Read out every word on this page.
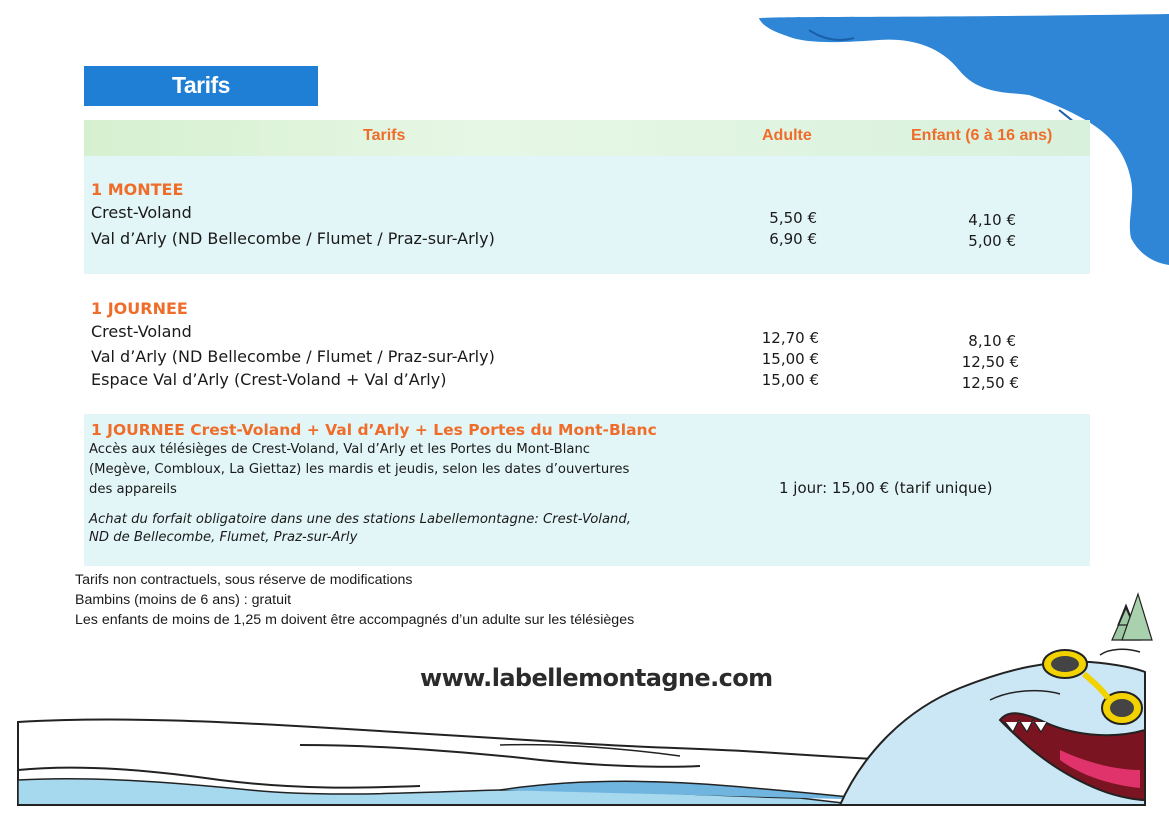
Tarifs
Tarifs	Adulte	Enfant (6 à 16 ans)
1 MONTEE
Crest-Voland
Val d’Arly (ND Bellecombe / Flumet / Praz-sur-Arly)
5,50 €
6,90 €
4,10 €
5,00 €
1 JOURNEE
Crest-Voland
Val d’Arly (ND Bellecombe / Flumet / Praz-sur-Arly)
Espace Val d’Arly (Crest-Voland + Val d’Arly)
12,70 €
15,00 €
15,00 €
8,10 €
12,50 €
12,50 €
1 JOURNEE Crest-Voland + Val d’Arly + Les Portes du Mont-Blanc
Accès aux télésièges de Crest-Voland, Val d’Arly et les Portes du Mont-Blanc
(Megève, Combloux, La Giettaz) les mardis et jeudis, selon les dates d’ouvertures
des appareils
Achat du forfait obligatoire dans une des stations Labellemontagne: Crest-Voland,
ND de Bellecombe, Flumet, Praz-sur-Arly
1 jour: 15,00 € (tarif unique)
Tarifs non contractuels, sous réserve de modifications
Bambins (moins de 6 ans) : gratuit
Les enfants de moins de 1,25 m doivent être accompagnés d’un adulte sur les télésièges
www.labellemontagne.com
